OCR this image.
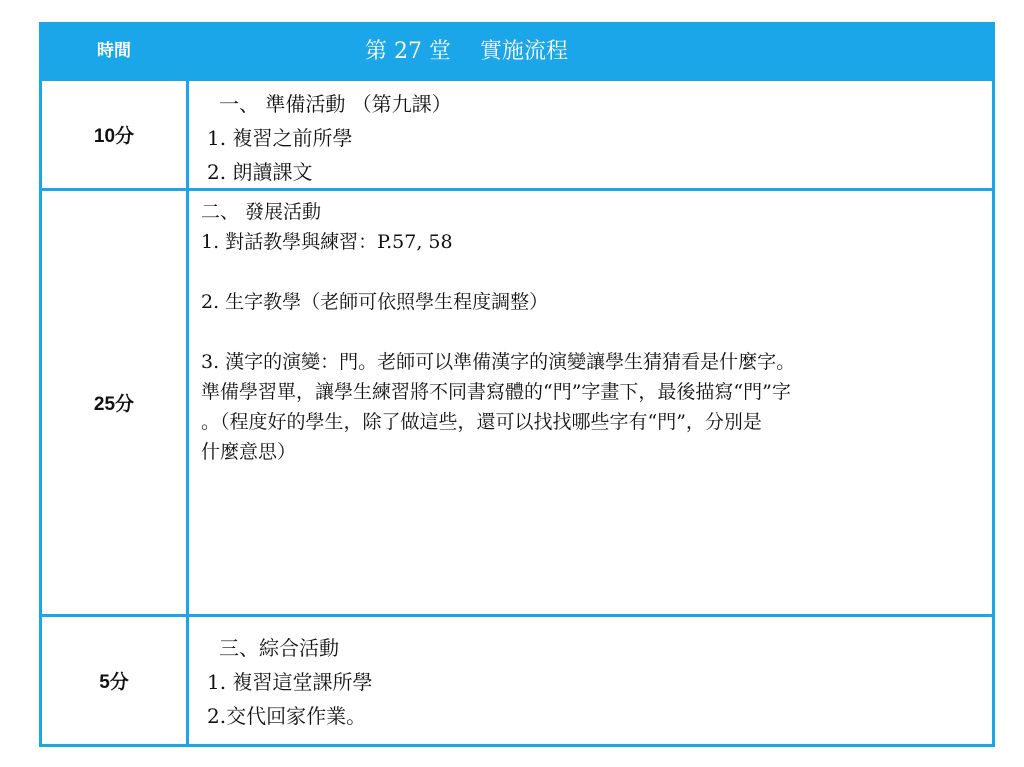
時間	第 27 堂　 實施流程
10分
一、 準備活動 （第九課）
1. 複習之前所學
2. 朗讀課文
25分
二、 發展活動
1. 對話教學與練習：P.57, 58
2. 生字教學（老師可依照學生程度調整）
3. 漢字的演變：門。老師可以準備漢字的演變讓學生猜猜看是什麼字。
準備學習單，讓學生練習將不同書寫體的“門”字畫下，最後描寫“門”字
。（程度好的學生，除了做這些，還可以找找哪些字有“門”，分別是
什麼意思）
5分
三、綜合活動
1. 複習這堂課所學
2.交代回家作業。
